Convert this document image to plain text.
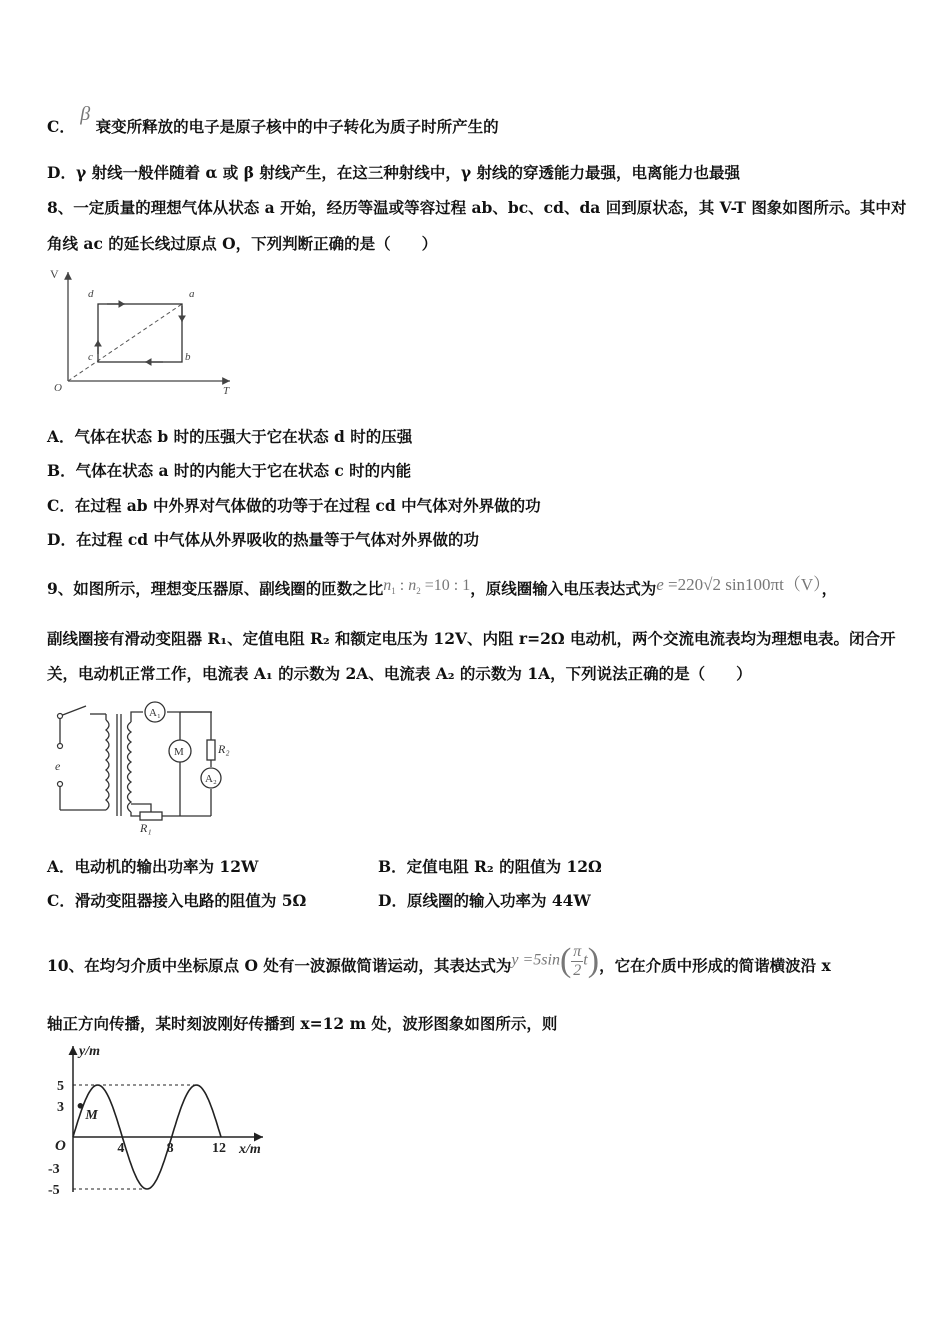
C． β 衰变所释放的电子是原子核中的中子转化为质子时所产生的
D．γ 射线一般伴随着 α 或 β 射线产生，在这三种射线中，γ 射线的穿透能力最强，电离能力也最强
8、一定质量的理想气体从状态 a 开始，经历等温或等容过程 ab、bc、cd、da 回到原状态，其 V-T 图象如图所示。其中对
角线 ac 的延长线过原点 O，下列判断正确的是（　　）
V
T
O
d	a
b
c
A．气体在状态 b 时的压强大于它在状态 d 时的压强
B．气体在状态 a 时的内能大于它在状态 c 时的内能
C．在过程 ab 中外界对气体做的功等于在过程 cd 中气体对外界做的功
D．在过程 cd 中气体从外界吸收的热量等于气体对外界做的功
9、如图所示，理想变压器原、副线圈的匝数之比$n_1$ : $n_2 =10$ : 1，原线圈输入电压表达式为e =220√2 sin100πt（V），
副线圈接有滑动变阻器 R₁、定值电阻 R₂ 和额定电压为 12V、内阻 r=2Ω 电动机，两个交流电流表均为理想电表。闭合开
关，电动机正常工作，电流表 A₁ 的示数为 2A、电流表 A₂ 的示数为 1A，下列说法正确的是（　　）
e
A₁
M	R₂
A₂
R₁
A．电动机的输出功率为 12W	B．定值电阻 R₂ 的阻值为 12Ω
C．滑动变阻器接入电路的阻值为 5Ω	D．原线圈的输入功率为 44W
10、在均匀介质中坐标原点 O 处有一波源做简谐运动，其表达式为$y =5\sin( \frac{\pi}{2} t)$，它在介质中形成的简谐横波沿 x
轴正方向传播，某时刻波刚好传播到 x=12 m 处，波形图象如图所示，则
y/m
x/m
O
5
3
-3
-5
4	8	12
M
